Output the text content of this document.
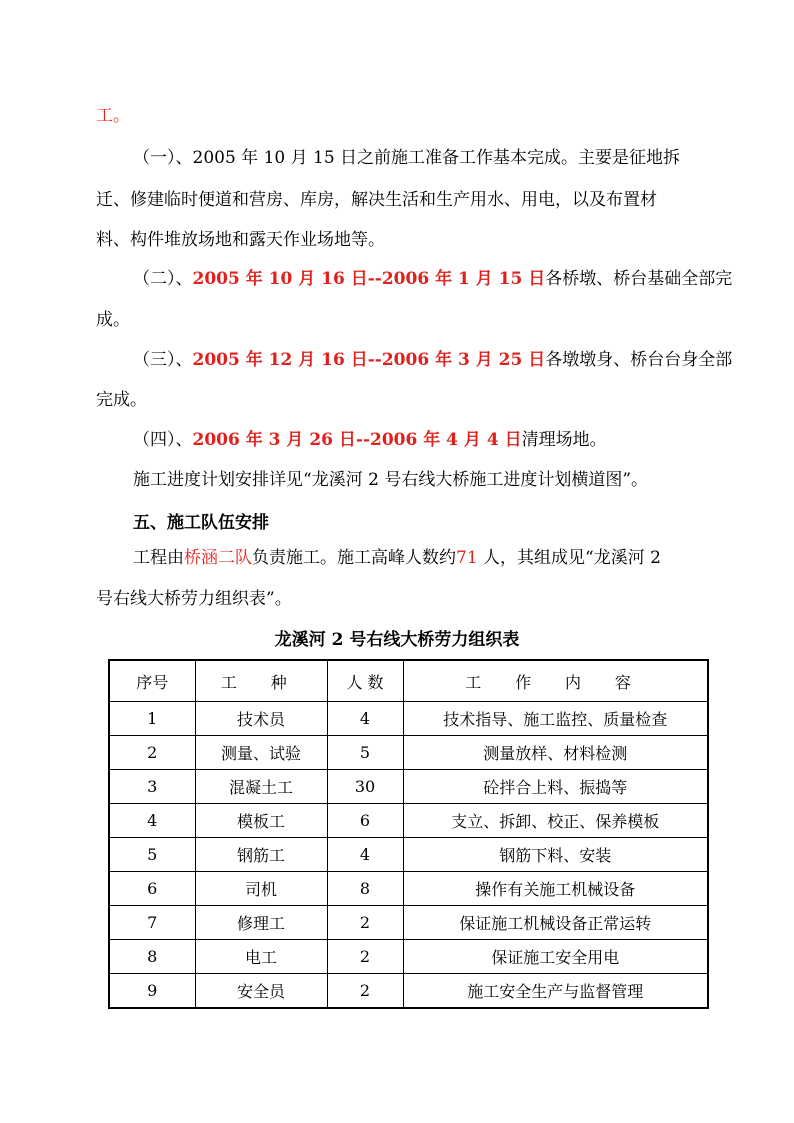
工。
（一）、2005 年 10 月 15 日之前施工准备工作基本完成。主要是征地拆
迁、修建临时便道和营房、库房，解决生活和生产用水、用电，以及布置材
料、构件堆放场地和露天作业场地等。
（二）、2005 年 10 月 16 日--2006 年 1 月 15 日各桥墩、桥台基础全部完
成。
（三）、2005 年 12 月 16 日--2006 年 3 月 25 日各墩墩身、桥台台身全部
完成。
（四）、2006 年 3 月 26 日--2006 年 4 月 4 日清理场地。
施工进度计划安排详见“龙溪河 2 号右线大桥施工进度计划横道图”。
五、施工队伍安排
工程由桥涵二队负责施工。施工高峰人数约71 人，其组成见“龙溪河 2
号右线大桥劳力组织表”。
龙溪河 2 号右线大桥劳力组织表
序号	工 种	人 数	工 作 内 容
1	技术员	4	技术指导、施工监控、质量检查
2	测量、试验	5	测量放样、材料检测
3	混凝土工	30	砼拌合上料、振捣等
4	模板工	6	支立、拆卸、校正、保养模板
5	钢筋工	4	钢筋下料、安装
6	司机	8	操作有关施工机械设备
7	修理工	2	保证施工机械设备正常运转
8	电工	2	保证施工安全用电
9	安全员	2	施工安全生产与监督管理
